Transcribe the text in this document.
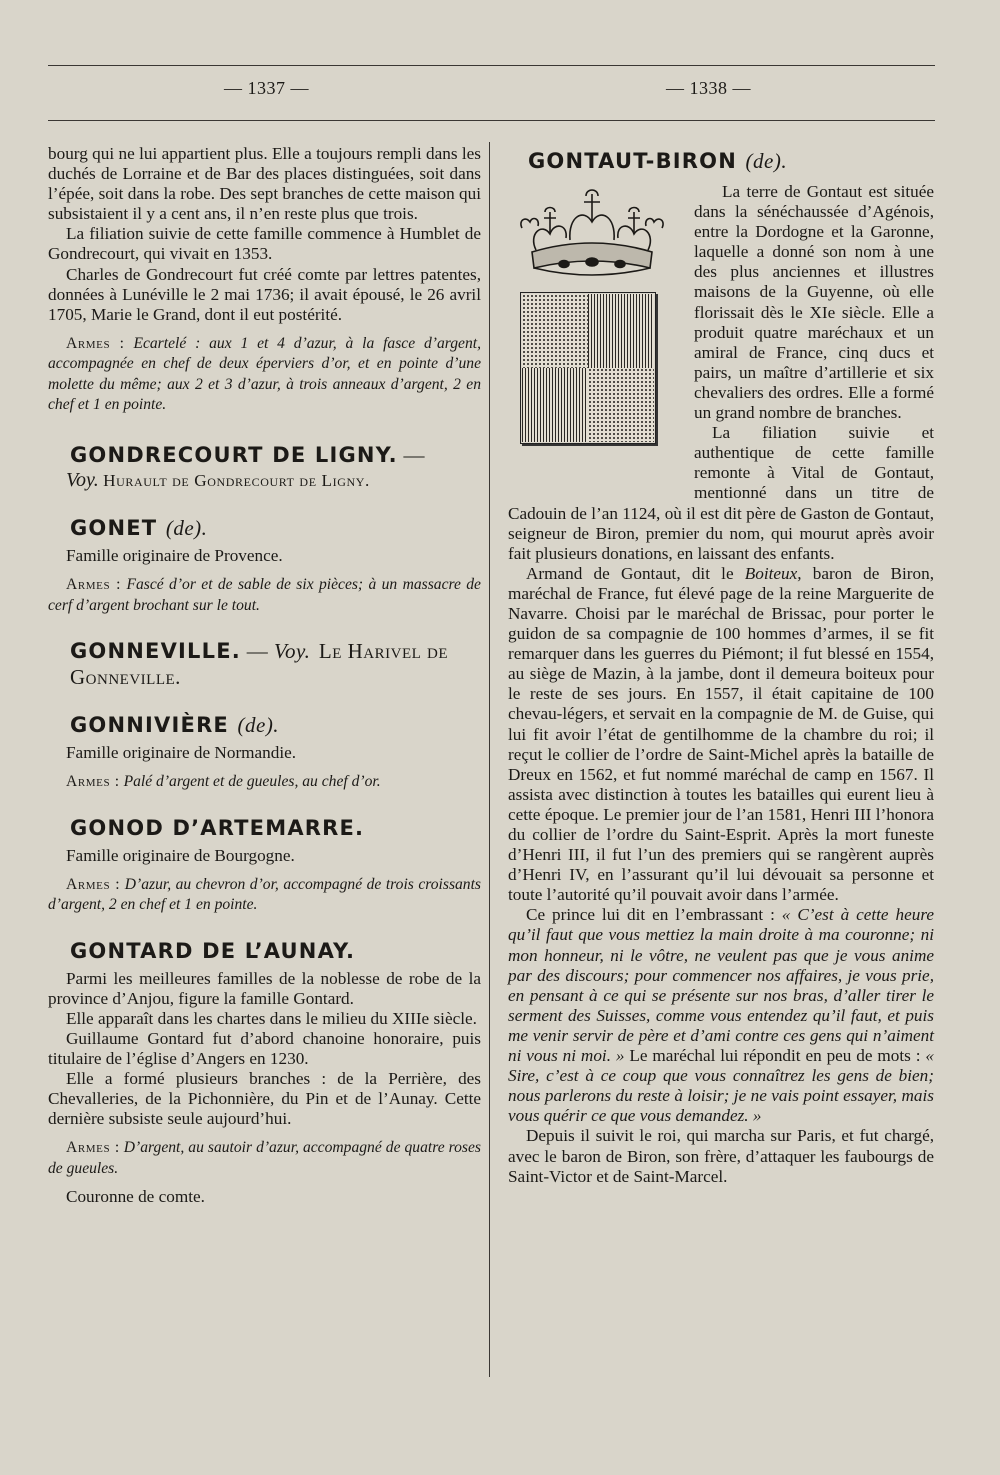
— 1337 —	— 1338 —

bourg qui ne lui appartient plus. Elle a toujours rempli dans les duchés de Lorraine et de Bar des places distinguées, soit dans l’épée, soit dans la robe. Des sept branches de cette maison qui subsistaient il y a cent ans, il n’en reste plus que trois.

La filiation suivie de cette famille commence à Humblet de Gondrecourt, qui vivait en 1353.

Charles de Gondrecourt fut créé comte par lettres patentes, données à Lunéville le 2 mai 1736; il avait épousé, le 26 avril 1705, Marie le Grand, dont il eut postérité.

Armes : Ecartelé : aux 1 et 4 d’azur, à la fasce d’argent, accompagnée en chef de deux éperviers d’or, et en pointe d’une molette du même; aux 2 et 3 d’azur, à trois anneaux d’argent, 2 en chef et 1 en pointe.

GONDRECOURT DE LIGNY. —

Voy. Hurault de Gondrecourt de Ligny.

GONET (de).

Famille originaire de Provence.

Armes : Fascé d’or et de sable de six pièces; à un massacre de cerf d’argent brochant sur le tout.

GONNEVILLE. — Voy. Le Harivel de Gonneville.
GONNIVIÈRE (de).

Famille originaire de Normandie.

Armes : Palé d’argent et de gueules, au chef d’or.

GONOD D’ARTEMARRE.

Famille originaire de Bourgogne.

Armes : D’azur, au chevron d’or, accompagné de trois croissants d’argent, 2 en chef et 1 en pointe.

GONTARD DE L’AUNAY.

Parmi les meilleures familles de la noblesse de robe de la province d’Anjou, figure la famille Gontard.

Elle apparaît dans les chartes dans le milieu du XIIIe siècle.

Guillaume Gontard fut d’abord chanoine honoraire, puis titulaire de l’église d’Angers en 1230.

Elle a formé plusieurs branches : de la Perrière, des Chevalleries, de la Pichonnière, du Pin et de l’Aunay. Cette dernière subsiste seule aujourd’hui.

Armes : D’argent, au sautoir d’azur, accompagné de quatre roses de gueules.

Couronne de comte.

GONTAUT-BIRON (de).

La terre de Gontaut est située dans la sénéchaussée d’Agénois, entre la Dordogne et la Garonne, laquelle a donné son nom à une des plus anciennes et illustres maisons de la Guyenne, où elle florissait dès le XIe siècle. Elle a produit quatre maréchaux et un amiral de France, cinq ducs et pairs, un maître d’artillerie et six chevaliers des ordres. Elle a formé un grand nombre de branches.

La filiation suivie et authentique de cette famille remonte à Vital de Gontaut, mentionné dans un titre de Cadouin de l’an 1124, où il est dit père de Gaston de Gontaut, seigneur de Biron, premier du nom, qui mourut après avoir fait plusieurs donations, en laissant des enfants.

Armand de Gontaut, dit le Boiteux, baron de Biron, maréchal de France, fut élevé page de la reine Marguerite de Navarre. Choisi par le maréchal de Brissac, pour porter le guidon de sa compagnie de 100 hommes d’armes, il se fit remarquer dans les guerres du Piémont; il fut blessé en 1554, au siège de Mazin, à la jambe, dont il demeura boiteux pour le reste de ses jours. En 1557, il était capitaine de 100 chevau-légers, et servait en la compagnie de M. de Guise, qui lui fit avoir l’état de gentilhomme de la chambre du roi; il reçut le collier de l’ordre de Saint-Michel après la bataille de Dreux en 1562, et fut nommé maréchal de camp en 1567. Il assista avec distinction à toutes les batailles qui eurent lieu à cette époque. Le premier jour de l’an 1581, Henri III l’honora du collier de l’ordre du Saint-Esprit. Après la mort funeste d’Henri III, il fut l’un des premiers qui se rangèrent auprès d’Henri IV, en l’assurant qu’il lui dévouait sa personne et toute l’autorité qu’il pouvait avoir dans l’armée.

Ce prince lui dit en l’embrassant : « C’est à cette heure qu’il faut que vous mettiez la main droite à ma couronne; ni mon honneur, ni le vôtre, ne veulent pas que je vous anime par des discours; pour commencer nos affaires, je vous prie, en pensant à ce qui se présente sur nos bras, d’aller tirer le serment des Suisses, comme vous entendez qu’il faut, et puis me venir servir de père et d’ami contre ces gens qui n’aiment ni vous ni moi. » Le maréchal lui répondit en peu de mots : « Sire, c’est à ce coup que vous connaîtrez les gens de bien; nous parlerons du reste à loisir; je ne vais point essayer, mais vous quérir ce que vous demandez. »

Depuis il suivit le roi, qui marcha sur Paris, et fut chargé, avec le baron de Biron, son frère, d’attaquer les faubourgs de Saint-Victor et de Saint-Marcel.
